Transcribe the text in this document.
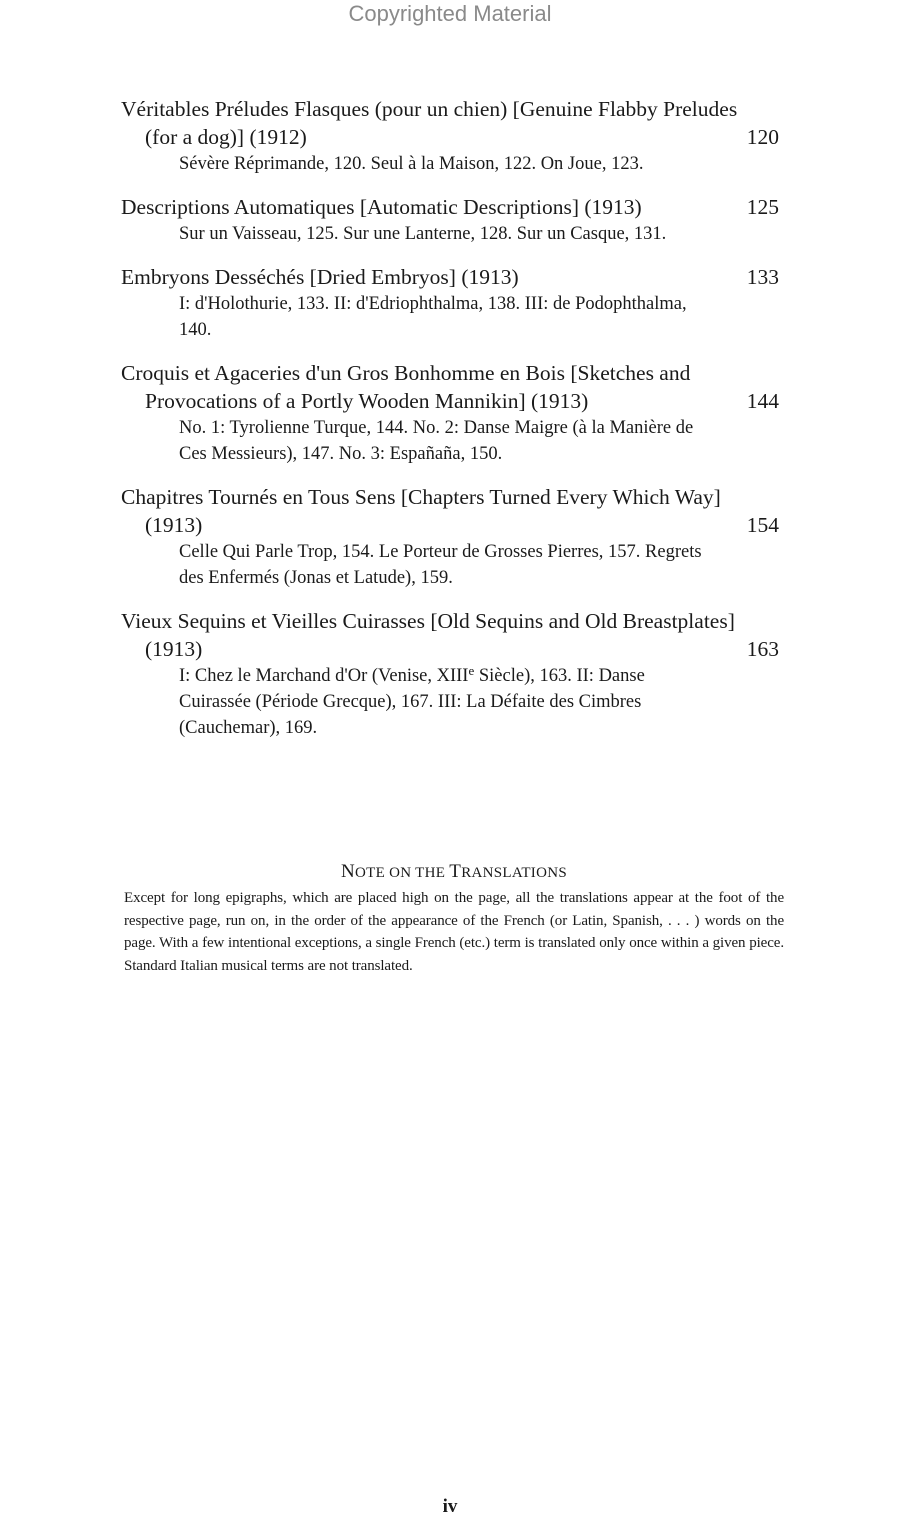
Copyrighted Material
Véritables Préludes Flasques (pour un chien) [Genuine Flabby Preludes (for a dog)] (1912)	120
Sévère Réprimande, 120. Seul à la Maison, 122. On Joue, 123.
Descriptions Automatiques [Automatic Descriptions] (1913)	125
Sur un Vaisseau, 125. Sur une Lanterne, 128. Sur un Casque, 131.
Embryons Desséchés [Dried Embryos] (1913)	133
I: d'Holothurie, 133. II: d'Edriophthalma, 138. III: de Podophthalma, 140.
Croquis et Agaceries d'un Gros Bonhomme en Bois [Sketches and Provocations of a Portly Wooden Mannikin] (1913)	144
No. 1: Tyrolienne Turque, 144. No. 2: Danse Maigre (à la Manière de Ces Messieurs), 147. No. 3: Españaña, 150.
Chapitres Tournés en Tous Sens [Chapters Turned Every Which Way] (1913)	154
Celle Qui Parle Trop, 154. Le Porteur de Grosses Pierres, 157. Regrets des Enfermés (Jonas et Latude), 159.
Vieux Sequins et Vieilles Cuirasses [Old Sequins and Old Breastplates] (1913)	163
I: Chez le Marchand d'Or (Venise, XIIIe Siècle), 163. II: Danse Cuirassée (Période Grecque), 167. III: La Défaite des Cimbres (Cauchemar), 169.
NOTE ON THE TRANSLATIONS
Except for long epigraphs, which are placed high on the page, all the translations appear at the foot of the respective page, run on, in the order of the appearance of the French (or Latin, Spanish, . . . ) words on the page. With a few intentional exceptions, a single French (etc.) term is translated only once within a given piece. Standard Italian musical terms are not translated.
iv
